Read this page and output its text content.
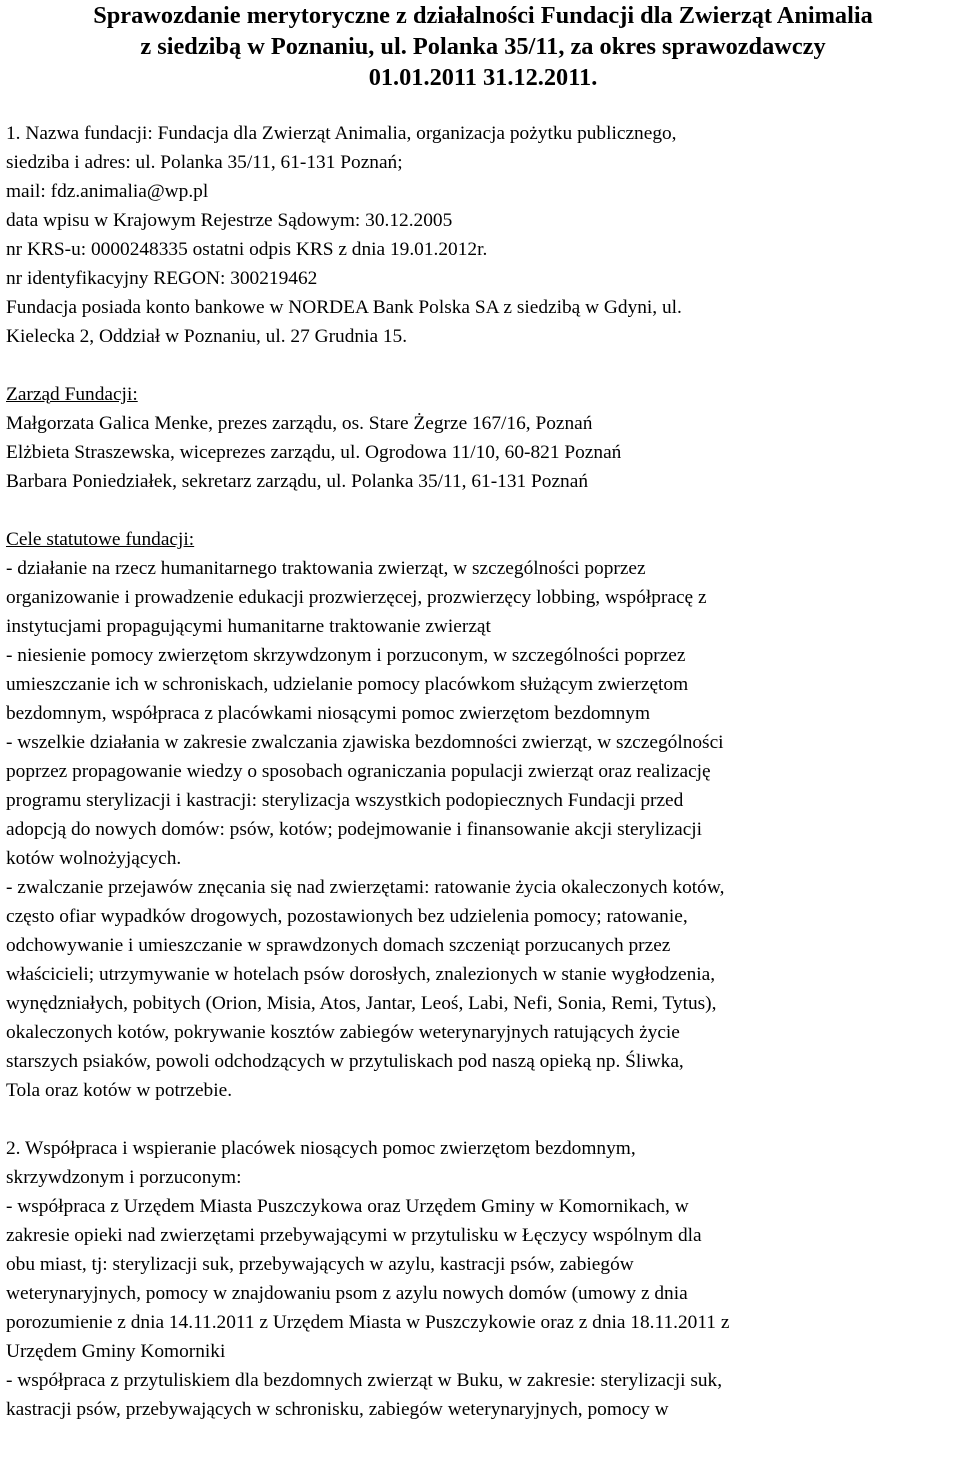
Sprawozdanie merytoryczne z działalności Fundacji dla Zwierząt Animalia
z siedzibą w Poznaniu, ul. Polanka 35/11, za okres sprawozdawczy
01.01.2011 31.12.2011.
1. Nazwa fundacji: Fundacja dla Zwierząt Animalia, organizacja pożytku publicznego,
siedziba i adres: ul. Polanka 35/11, 61-131 Poznań;
mail: fdz.animalia@wp.pl
data wpisu w Krajowym Rejestrze Sądowym: 30.12.2005
nr KRS-u: 0000248335 ostatni odpis KRS z dnia 19.01.2012r.
nr identyfikacyjny REGON: 300219462
Fundacja posiada konto bankowe w NORDEA Bank Polska SA z siedzibą w Gdyni, ul.
Kielecka 2, Oddział w Poznaniu, ul. 27 Grudnia 15.
Zarząd Fundacji:
Małgorzata Galica Menke, prezes zarządu, os. Stare Żegrze 167/16, Poznań
Elżbieta Straszewska, wiceprezes zarządu, ul. Ogrodowa 11/10, 60-821 Poznań
Barbara Poniedziałek, sekretarz zarządu, ul. Polanka 35/11, 61-131 Poznań
Cele statutowe fundacji:
- działanie na rzecz humanitarnego traktowania zwierząt, w szczególności poprzez
organizowanie i prowadzenie edukacji prozwierzęcej, prozwierzęcy lobbing, współpracę z
instytucjami propagującymi humanitarne traktowanie zwierząt
- niesienie pomocy zwierzętom skrzywdzonym i porzuconym, w szczególności poprzez
umieszczanie ich w schroniskach, udzielanie pomocy placówkom służącym zwierzętom
bezdomnym, współpraca z placówkami niosącymi pomoc zwierzętom bezdomnym
- wszelkie działania w zakresie zwalczania zjawiska bezdomności zwierząt, w szczególności
poprzez propagowanie wiedzy o sposobach ograniczania populacji zwierząt oraz realizację
programu sterylizacji i kastracji: sterylizacja wszystkich podopiecznych Fundacji przed
adopcją do nowych domów: psów, kotów; podejmowanie i finansowanie akcji sterylizacji
kotów wolnożyjących.
- zwalczanie przejawów znęcania się nad zwierzętami: ratowanie życia okaleczonych kotów,
często ofiar wypadków drogowych, pozostawionych bez udzielenia pomocy; ratowanie,
odchowywanie i umieszczanie w sprawdzonych domach szczeniąt porzucanych przez
właścicieli; utrzymywanie w hotelach psów dorosłych, znalezionych w stanie wygłodzenia,
wynędzniałych, pobitych (Orion, Misia, Atos, Jantar, Leoś, Labi, Nefi, Sonia, Remi, Tytus),
okaleczonych kotów, pokrywanie kosztów zabiegów weterynaryjnych ratujących życie
starszych psiaków, powoli odchodzących w przytuliskach pod naszą opieką np. Śliwka,
Tola oraz kotów w potrzebie.
2. Współpraca i wspieranie placówek niosących pomoc zwierzętom bezdomnym,
skrzywdzonym i porzuconym:
- współpraca z Urzędem Miasta Puszczykowa oraz Urzędem Gminy w Komornikach, w
zakresie opieki nad zwierzętami przebywającymi w przytulisku w Łęczycy wspólnym dla
obu miast, tj: sterylizacji suk, przebywających w azylu, kastracji psów, zabiegów
weterynaryjnych, pomocy w znajdowaniu psom z azylu nowych domów (umowy z dnia
porozumienie z dnia 14.11.2011 z Urzędem Miasta w Puszczykowie oraz z dnia 18.11.2011 z
Urzędem Gminy Komorniki
- współpraca z przytuliskiem dla bezdomnych zwierząt w Buku, w zakresie: sterylizacji suk,
kastracji psów, przebywających w schronisku, zabiegów weterynaryjnych, pomocy w
